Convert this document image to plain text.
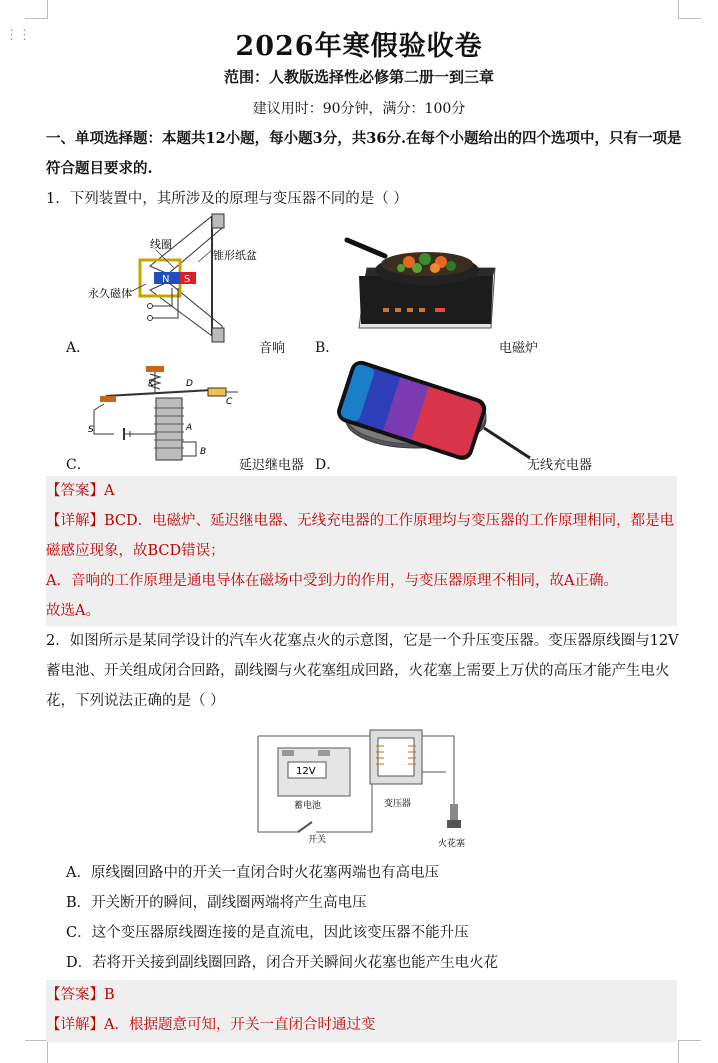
⋮⋮	2026年寒假验收卷
范围：人教版选择性必修第二册一到三章
建议用时：90分钟，满分：100分
一、单项选择题：本题共12小题，每小题3分，共36分.在每个小题给出的四个选项中，只有一项是符合题目要求的.
1．下列装置中，其所涉及的原理与变压器不同的是（ ）
N S
线圈
锥形纸盆
永久磁体
A．	音响 B．	电磁炉
K	D
C
S	A
B
C．	延迟继电器 D．	无线充电器
【答案】A
【详解】BCD．电磁炉、延迟继电器、无线充电器的工作原理均与变压器的工作原理相同，都是电磁感应现象，故BCD错误；
A．音响的工作原理是通电导体在磁场中受到力的作用，与变压器原理不相同，故A正确。
故选A。
2．如图所示是某同学设计的汽车火花塞点火的示意图，它是一个升压变压器。变压器原线圈与12V蓄电池、开关组成闭合回路，副线圈与火花塞组成回路，火花塞上需要上万伏的高压才能产生电火花，下列说法正确的是（ ）
12V
蓄电池	变压器
开关	火花塞
A．原线圈回路中的开关一直闭合时火花塞两端也有高电压
B．开关断开的瞬间，副线圈两端将产生高电压
C．这个变压器原线圈连接的是直流电，因此该变压器不能升压
D．若将开关接到副线圈回路，闭合开关瞬间火花塞也能产生电火花
【答案】B
【详解】A．根据题意可知，开关一直闭合时通过变
